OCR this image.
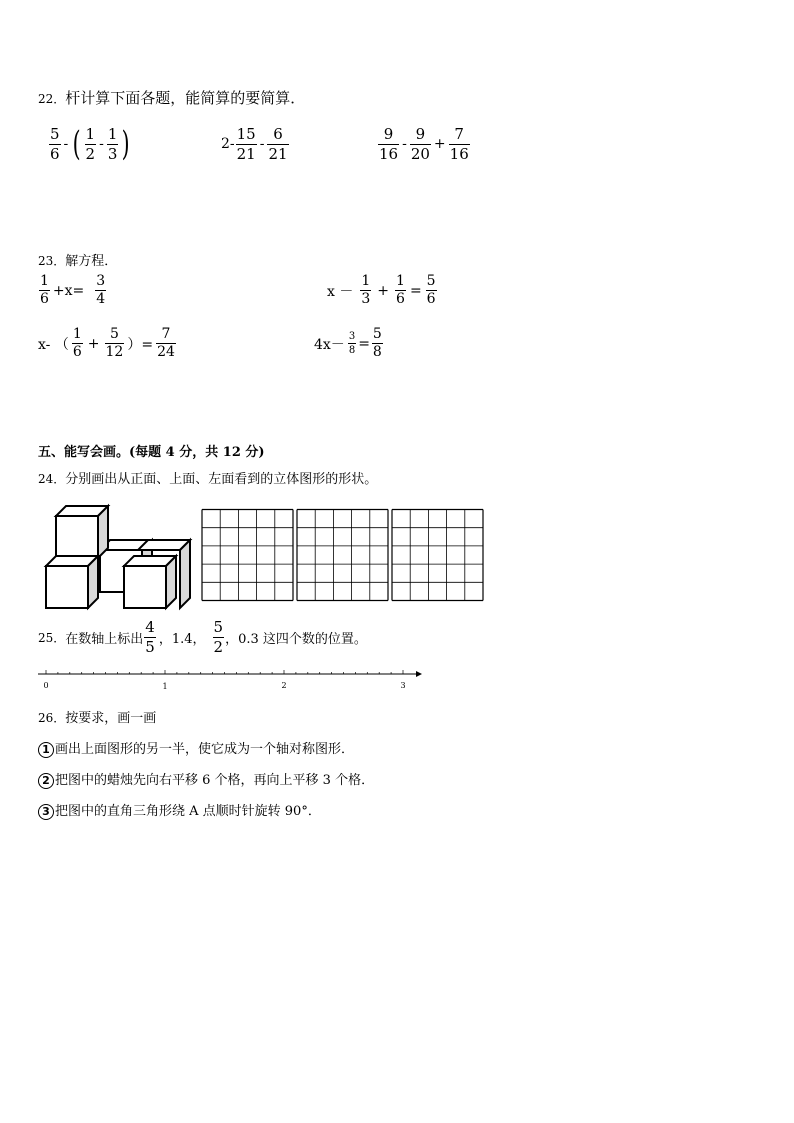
22．杆计算下面各题，能简算的要简算．
$\frac{5}{6}$ - ( $\frac{1}{2} - \frac{1}{3}$ )	$2- \frac{15}{21} - \frac{6}{21}$	$\frac{9}{16} - \frac{9}{20} + \frac{7}{16}$
23．解方程．
$\frac{1}{6} +x= \frac{3}{4}$	$x - \frac{1}{3} + \frac{1}{6} = \frac{5}{6}$
x- （ $\frac{1}{6} + \frac{5}{12}$ ）= $\frac{7}{24}$	$4x- \frac{3}{8} = \frac{5}{8}$
五、能写会画。(每题 4 分，共 12 分)
24．分别画出从正面、上面、左面看到的立体图形的形状。
25． 在数轴上标出 $\frac{4}{5}$ ，1.4， $\frac{5}{2}$ ，0.3 这四个数的位置。
0	1	2	3
26．按要求，画一画
1 画出上面图形的另一半，使它成为一个轴对称图形．
2 把图中的蜡烛先向右平移 6 个格，再向上平移 3 个格．
3 把图中的直角三角形绕 A 点顺时针旋转 90°．
